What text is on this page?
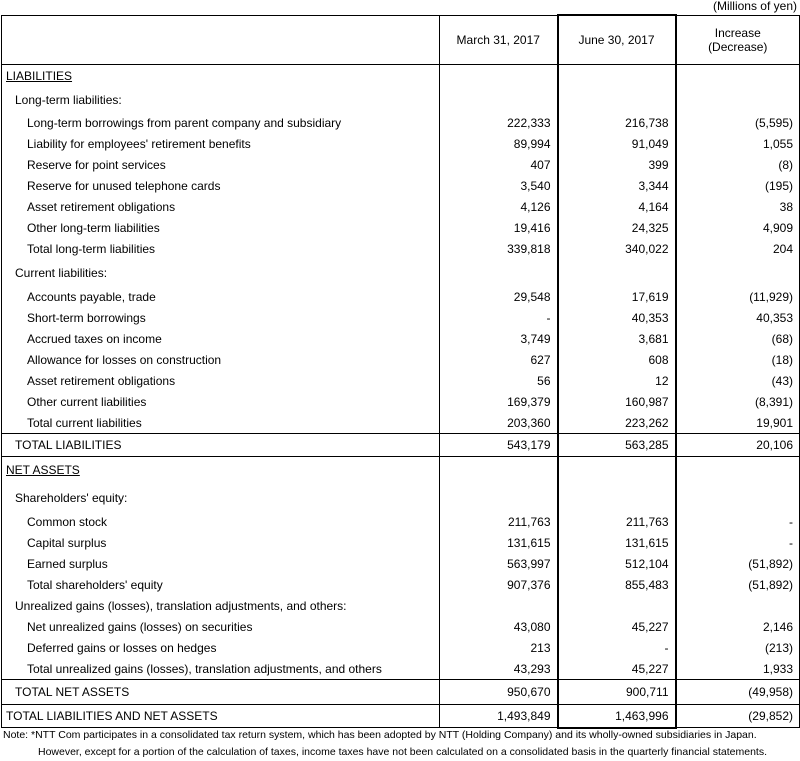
(Millions of yen)
	March 31, 2017	June 30, 2017	Increase
(Decrease)

LIABILITIES			
Long-term liabilities:			
Long-term borrowings from parent company and subsidiary	222,333	216,738	(5,595)
Liability for employees' retirement benefits	89,994	91,049	1,055
Reserve for point services	407	399	(8)
Reserve for unused telephone cards	3,540	3,344	(195)
Asset retirement obligations	4,126	4,164	38
Other long-term liabilities	19,416	24,325	4,909
Total long-term liabilities	339,818	340,022	204
Current liabilities:			
Accounts payable, trade	29,548	17,619	(11,929)
Short-term borrowings	-	40,353	40,353
Accrued taxes on income	3,749	3,681	(68)
Allowance for losses on construction	627	608	(18)
Asset retirement obligations	56	12	(43)
Other current liabilities	169,379	160,987	(8,391)
Total current liabilities	203,360	223,262	19,901
TOTAL LIABILITIES	543,179	563,285	20,106
NET ASSETS			
Shareholders' equity:			
Common stock	211,763	211,763	-
Capital surplus	131,615	131,615	-
Earned surplus	563,997	512,104	(51,892)
Total shareholders' equity	907,376	855,483	(51,892)
Unrealized gains (losses), translation adjustments, and others:			
Net unrealized gains (losses) on securities	43,080	45,227	2,146
Deferred gains or losses on hedges	213	-	(213)
Total unrealized gains (losses), translation adjustments, and others	43,293	45,227	1,933
TOTAL NET ASSETS	950,670	900,711	(49,958)
TOTAL LIABILITIES AND NET ASSETS	1,493,849	1,463,996	(29,852)
Note: *NTT Com participates in a consolidated tax return system, which has been adopted by NTT (Holding Company) and its wholly-owned subsidiaries in Japan.
However, except for a portion of the calculation of taxes, income taxes have not been calculated on a consolidated basis in the quarterly financial statements.
